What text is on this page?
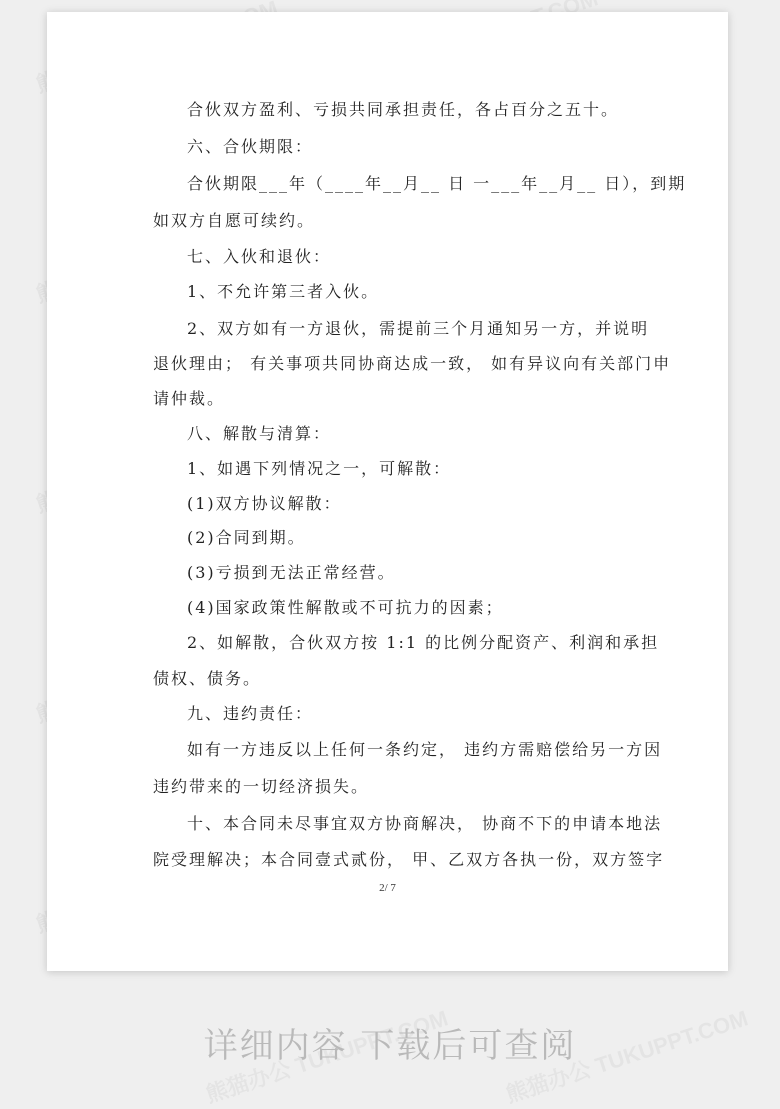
合伙双方盈利、亏损共同承担责任，各占百分之五十。
六、合伙期限：
合伙期限___年（____年__月__ 日 一___年__月__ 日），到期
如双方自愿可续约。
七、入伙和退伙：
1、不允许第三者入伙。
2、双方如有一方退伙，需提前三个月通知另一方，并说明
退伙理由； 有关事项共同协商达成一致， 如有异议向有关部门申
请仲裁。
八、解散与清算：
1、如遇下列情况之一，可解散：
(1)双方协议解散：
(2)合同到期。
(3)亏损到无法正常经营。
(4)国家政策性解散或不可抗力的因素；
2、如解散，合伙双方按 1:1 的比例分配资产、利润和承担
债权、债务。
九、违约责任：
如有一方违反以上任何一条约定， 违约方需赔偿给另一方因
违约带来的一切经济损失。
十、本合同未尽事宜双方协商解决， 协商不下的申请本地法
院受理解决；本合同壹式贰份， 甲、乙双方各执一份，双方签字
2/ 7
详细内容 下载后可查阅
